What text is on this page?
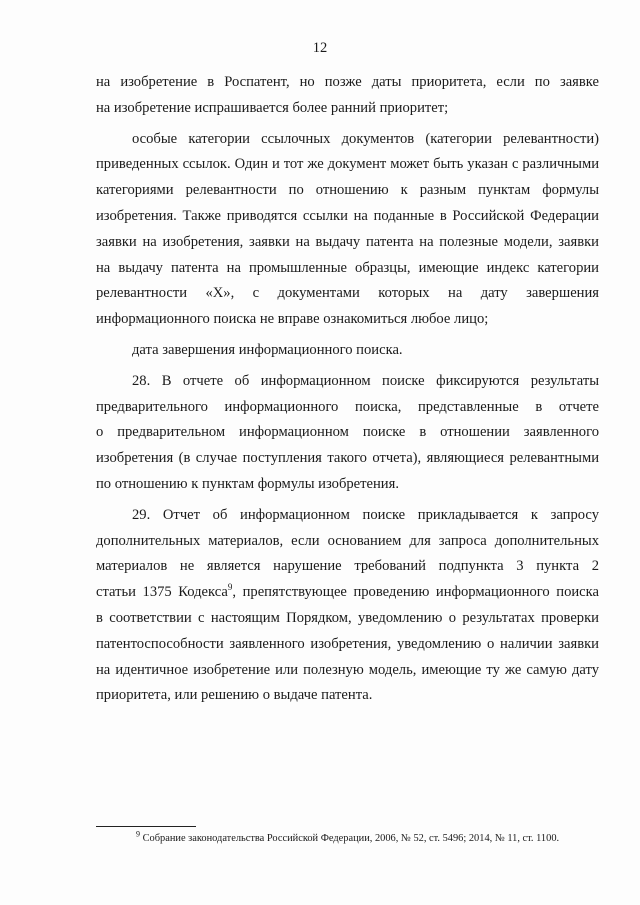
12
на изобретение в Роспатент, но позже даты приоритета, если по заявке
на изобретение испрашивается более ранний приоритет;
особые категории ссылочных документов (категории релевантности)
приведенных ссылок. Один и тот же документ может быть указан с различными
категориями релевантности по отношению к разным пунктам формулы
изобретения. Также приводятся ссылки на поданные в Российской Федерации
заявки на изобретения, заявки на выдачу патента на полезные модели, заявки
на выдачу патента на промышленные образцы, имеющие индекс категории
релевантности «Х», с документами которых на дату завершения
информационного поиска не вправе ознакомиться любое лицо;
дата завершения информационного поиска.
28. В отчете об информационном поиске фиксируются результаты
предварительного информационного поиска, представленные в отчете
о предварительном информационном поиске в отношении заявленного
изобретения (в случае поступления такого отчета), являющиеся релевантными
по отношению к пунктам формулы изобретения.
29. Отчет об информационном поиске прикладывается к запросу
дополнительных материалов, если основанием для запроса дополнительных
материалов не является нарушение требований подпункта 3 пункта 2
статьи 1375 Кодекса$^9$, препятствующее проведению информационного поиска
в соответствии с настоящим Порядком, уведомлению о результатах проверки
патентоспособности заявленного изобретения, уведомлению о наличии заявки
на идентичное изобретение или полезную модель, имеющие ту же самую дату
приоритета, или решению о выдаче патента.
$^9$ Собрание законодательства Российской Федерации, 2006, № 52, ст. 5496; 2014, № 11, ст. 1100.
